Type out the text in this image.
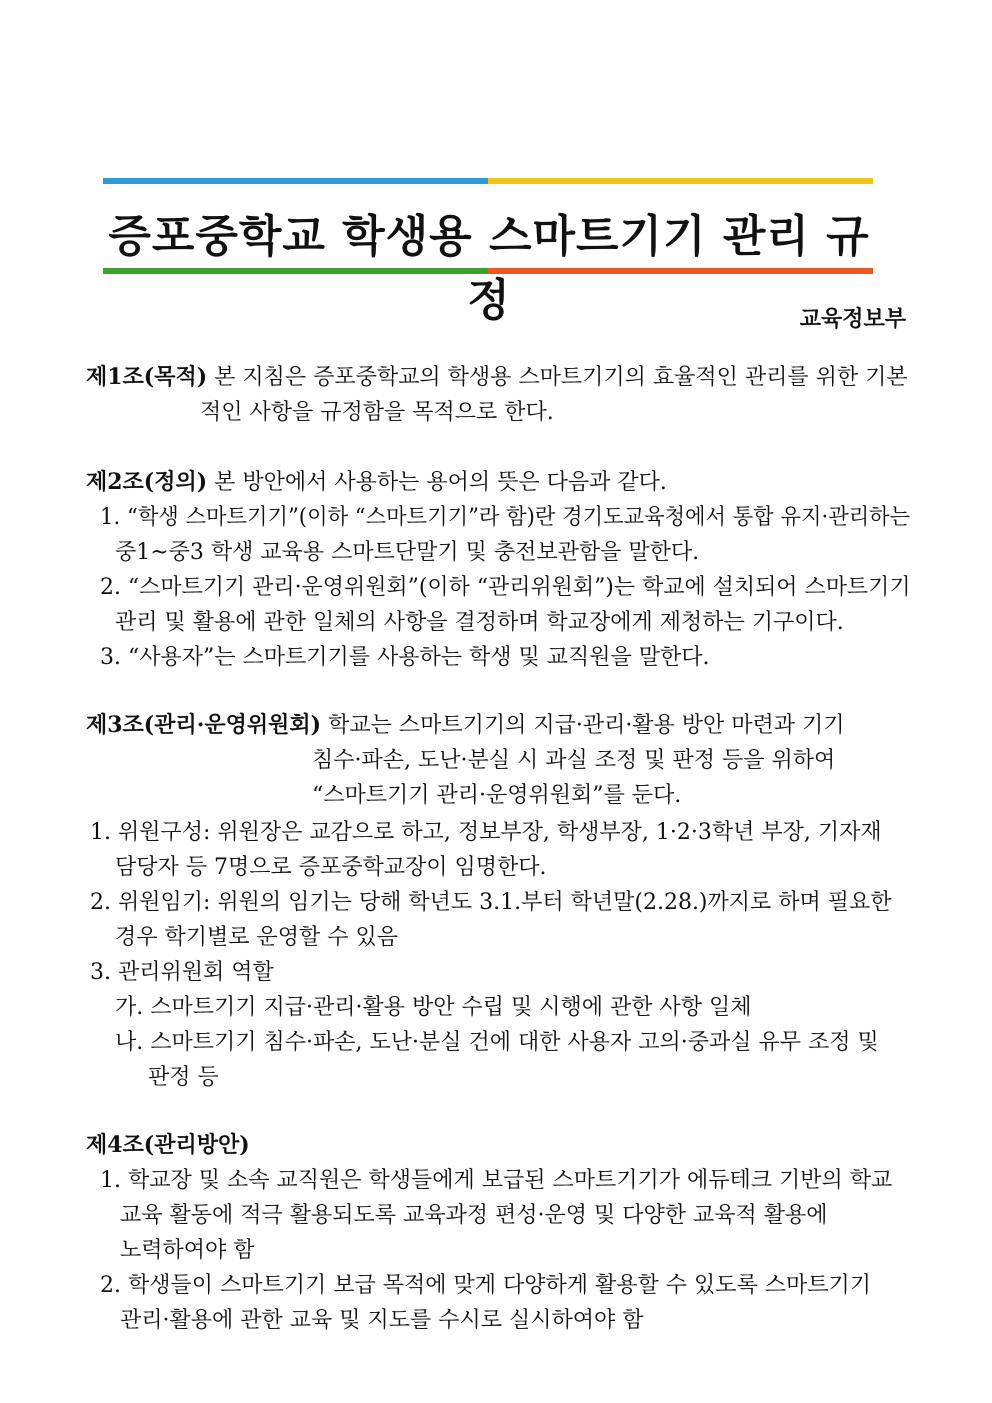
증포중학교 학생용 스마트기기 관리 규정	교육정보부
제1조(목적) 본 지침은 증포중학교의 학생용 스마트기기의 효율적인 관리를 위한 기본
적인 사항을 규정함을 목적으로 한다.
제2조(정의) 본 방안에서 사용하는 용어의 뜻은 다음과 같다.
1. “학생 스마트기기”(이하 “스마트기기”라 함)란 경기도교육청에서 통합 유지·관리하는
중1~중3 학생 교육용 스마트단말기 및 충전보관함을 말한다.
2. “스마트기기 관리·운영위원회”(이하 “관리위원회”)는 학교에 설치되어 스마트기기
관리 및 활용에 관한 일체의 사항을 결정하며 학교장에게 제청하는 기구이다.
3. “사용자”는 스마트기기를 사용하는 학생 및 교직원을 말한다.
제3조(관리·운영위원회) 학교는 스마트기기의 지급·관리·활용 방안 마련과 기기
침수·파손, 도난·분실 시 과실 조정 및 판정 등을 위하여
“스마트기기 관리·운영위원회”를 둔다.
1. 위원구성: 위원장은 교감으로 하고, 정보부장, 학생부장, 1·2·3학년 부장, 기자재
담당자 등 7명으로 증포중학교장이 임명한다.
2. 위원임기: 위원의 임기는 당해 학년도 3.1.부터 학년말(2.28.)까지로 하며 필요한
경우 학기별로 운영할 수 있음
3. 관리위원회 역할
가. 스마트기기 지급·관리·활용 방안 수립 및 시행에 관한 사항 일체
나. 스마트기기 침수·파손, 도난·분실 건에 대한 사용자 고의·중과실 유무 조정 및
판정 등
제4조(관리방안)
1. 학교장 및 소속 교직원은 학생들에게 보급된 스마트기기가 에듀테크 기반의 학교
교육 활동에 적극 활용되도록 교육과정 편성·운영 및 다양한 교육적 활용에
노력하여야 함
2. 학생들이 스마트기기 보급 목적에 맞게 다양하게 활용할 수 있도록 스마트기기
관리·활용에 관한 교육 및 지도를 수시로 실시하여야 함
